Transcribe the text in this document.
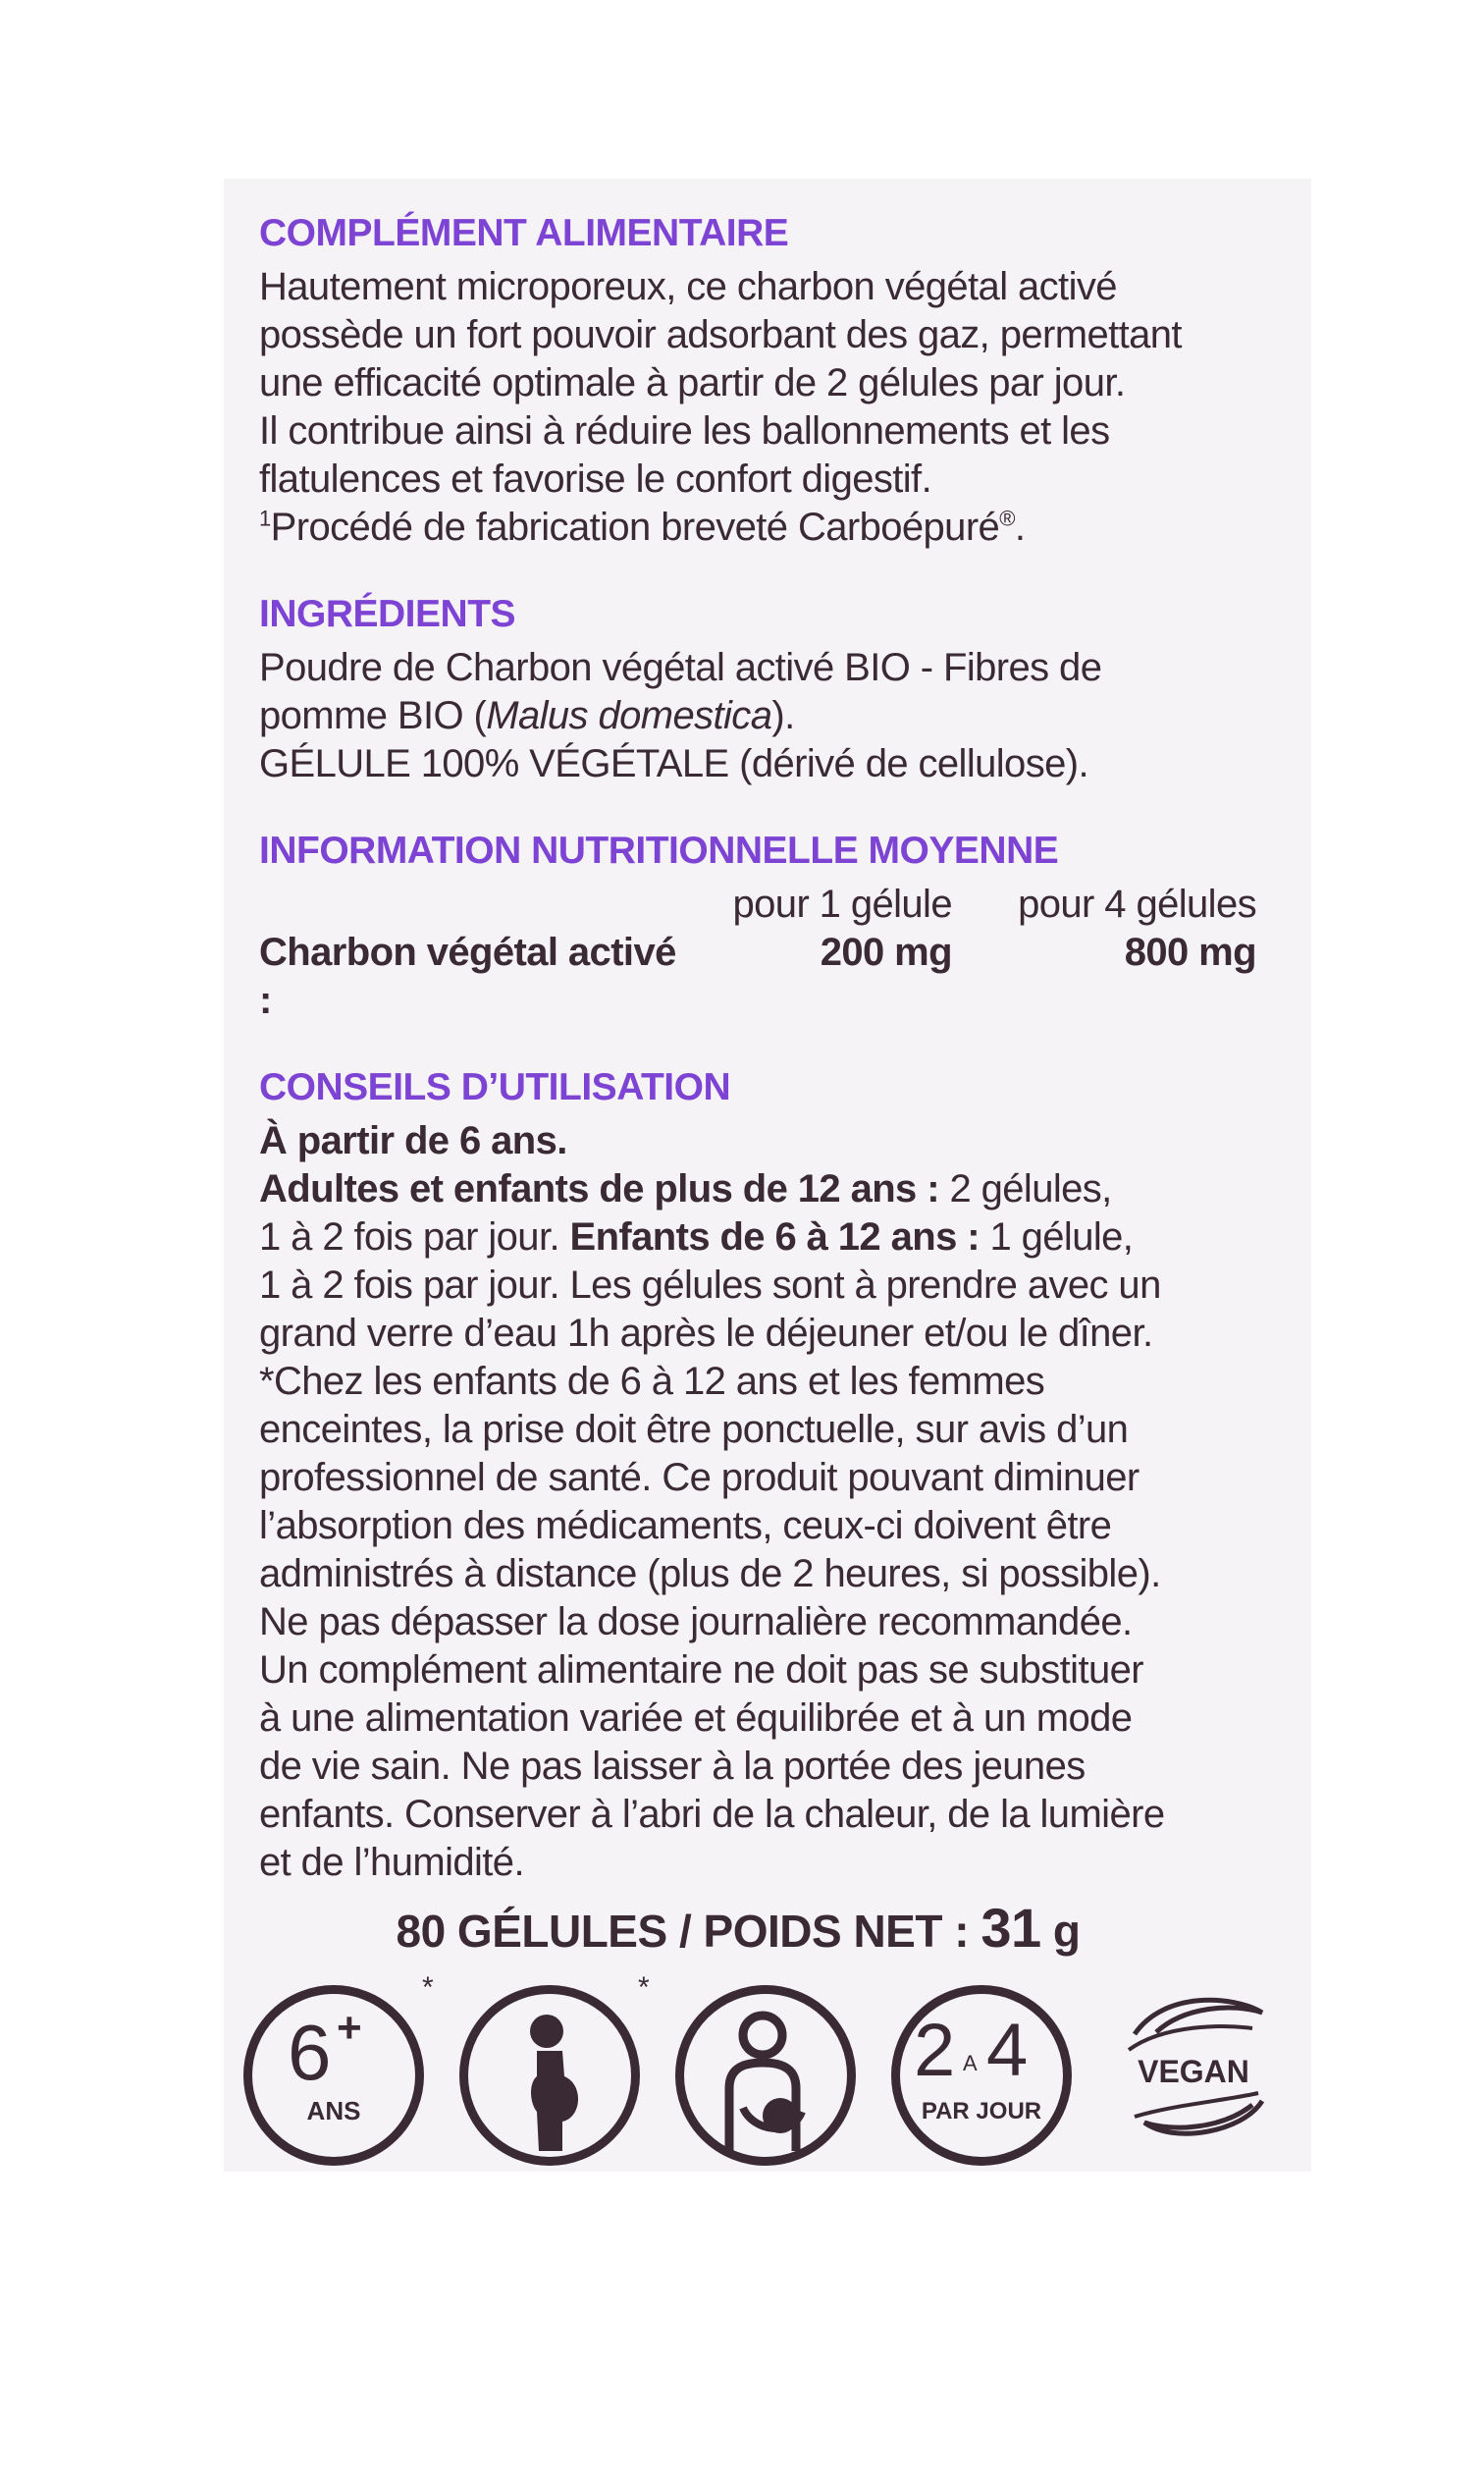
COMPLÉMENT ALIMENTAIRE

Hautement microporeux, ce charbon végétal activé

possède un fort pouvoir adsorbant des gaz, permettant

une efficacité optimale à partir de 2 gélules par jour.

Il contribue ainsi à réduire les ballonnements et les

flatulences et favorise le confort digestif.

$^1$Procédé de fabrication breveté Carboépuré®.

INGRÉDIENTS

Poudre de Charbon végétal activé BIO - Fibres de

pomme BIO (Malus domestica).

GÉLULE 100% VÉGÉTALE (dérivé de cellulose).

INFORMATION NUTRITIONNELLE MOYENNE
pour 1 gélule	pour 4 gélules
Charbon végétal activé :
200 mg	800 mg
CONSEILS D’UTILISATION

À partir de 6 ans.

Adultes et enfants de plus de 12 ans : 2 gélules,

1 à 2 fois par jour. Enfants de 6 à 12 ans : 1 gélule,

1 à 2 fois par jour. Les gélules sont à prendre avec un

grand verre d’eau 1h après le déjeuner et/ou le dîner.

*Chez les enfants de 6 à 12 ans et les femmes

enceintes, la prise doit être ponctuelle, sur avis d’un

professionnel de santé. Ce produit pouvant diminuer

l’absorption des médicaments, ceux-ci doivent être

administrés à distance (plus de 2 heures, si possible).

Ne pas dépasser la dose journalière recommandée.

Un complément alimentaire ne doit pas se substituer

à une alimentation variée et équilibrée et à un mode

de vie sain. Ne pas laisser à la portée des jeunes

enfants. Conserver à l’abri de la chaleur, de la lumière

et de l’humidité.

80 GÉLULES / POIDS NET : 31 g
6 +
ANS
*	*
2 A 4
PAR JOUR
VEGAN
